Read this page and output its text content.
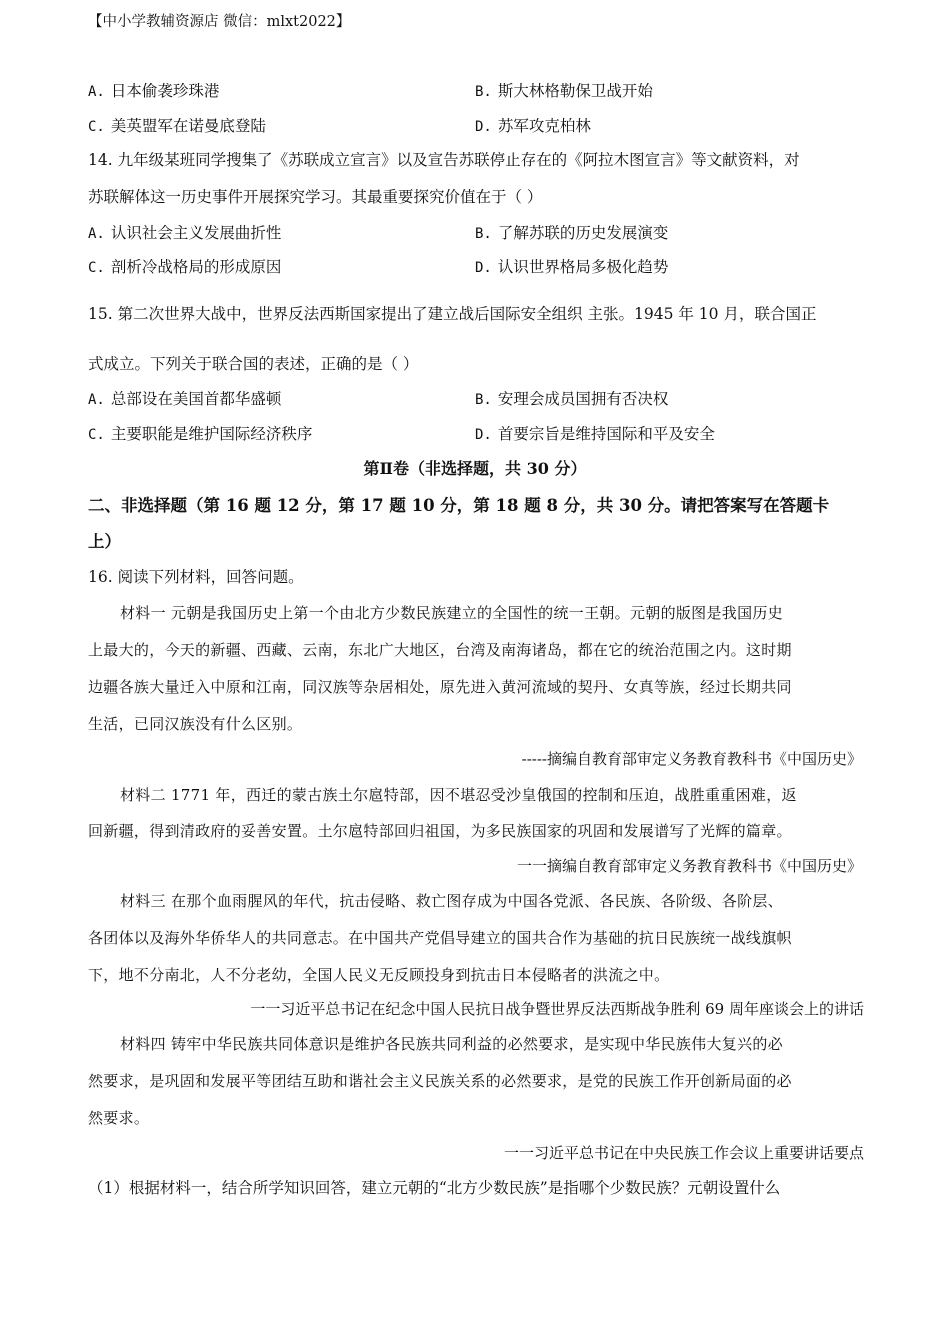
【中小学教辅资源店 微信：mlxt2022】
A. 日本偷袭珍珠港	B. 斯大林格勒保卫战开始
C. 美英盟军在诺曼底登陆	D. 苏军攻克柏林
14. 九年级某班同学搜集了《苏联成立宣言》以及宣告苏联停止存在的《阿拉木图宣言》等文献资料，对
苏联解体这一历史事件开展探究学习。其最重要探究价值在于（ ）
A. 认识社会主义发展曲折性	B. 了解苏联的历史发展演变
C. 剖析冷战格局的形成原因	D. 认识世界格局多极化趋势
15. 第二次世界大战中，世界反法西斯国家提出了建立战后国际安全组织 主张。1945 年 10 月，联合国正
式成立。下列关于联合国的表述，正确的是（ ）
A. 总部设在美国首都华盛顿	B. 安理会成员国拥有否决权
C. 主要职能是维护国际经济秩序	D. 首要宗旨是维持国际和平及安全
第Ⅱ卷（非选择题，共 30 分）
二、非选择题（第 16 题 12 分，第 17 题 10 分，第 18 题 8 分，共 30 分。请把答案写在答题卡
上）
16. 阅读下列材料，回答问题。
材料一 元朝是我国历史上第一个由北方少数民族建立的全国性的统一王朝。元朝的版图是我国历史
上最大的，今天的新疆、西藏、云南，东北广大地区，台湾及南海诸岛，都在它的统治范围之内。这时期
边疆各族大量迁入中原和江南，同汉族等杂居相处，原先进入黄河流域的契丹、女真等族，经过长期共同
生活，已同汉族没有什么区别。
-----摘编自教育部审定义务教育教科书《中国历史》
材料二 1771 年，西迁的蒙古族土尔扈特部，因不堪忍受沙皇俄国的控制和压迫，战胜重重困难，返
回新疆，得到清政府的妥善安置。土尔扈特部回归祖国，为多民族国家的巩固和发展谱写了光辉的篇章。
一一摘编自教育部审定义务教育教科书《中国历史》
材料三 在那个血雨腥风的年代，抗击侵略、救亡图存成为中国各党派、各民族、各阶级、各阶层、
各团体以及海外华侨华人的共同意志。在中国共产党倡导建立的国共合作为基础的抗日民族统一战线旗帜
下，地不分南北，人不分老幼，全国人民义无反顾投身到抗击日本侵略者的洪流之中。
一一习近平总书记在纪念中国人民抗日战争暨世界反法西斯战争胜利 69 周年座谈会上的讲话
材料四 铸牢中华民族共同体意识是维护各民族共同利益的必然要求，是实现中华民族伟大复兴的必
然要求，是巩固和发展平等团结互助和谐社会主义民族关系的必然要求，是党的民族工作开创新局面的必
然要求。
一一习近平总书记在中央民族工作会议上重要讲话要点
（1）根据材料一，结合所学知识回答，建立元朝的“北方少数民族”是指哪个少数民族？元朝设置什么
